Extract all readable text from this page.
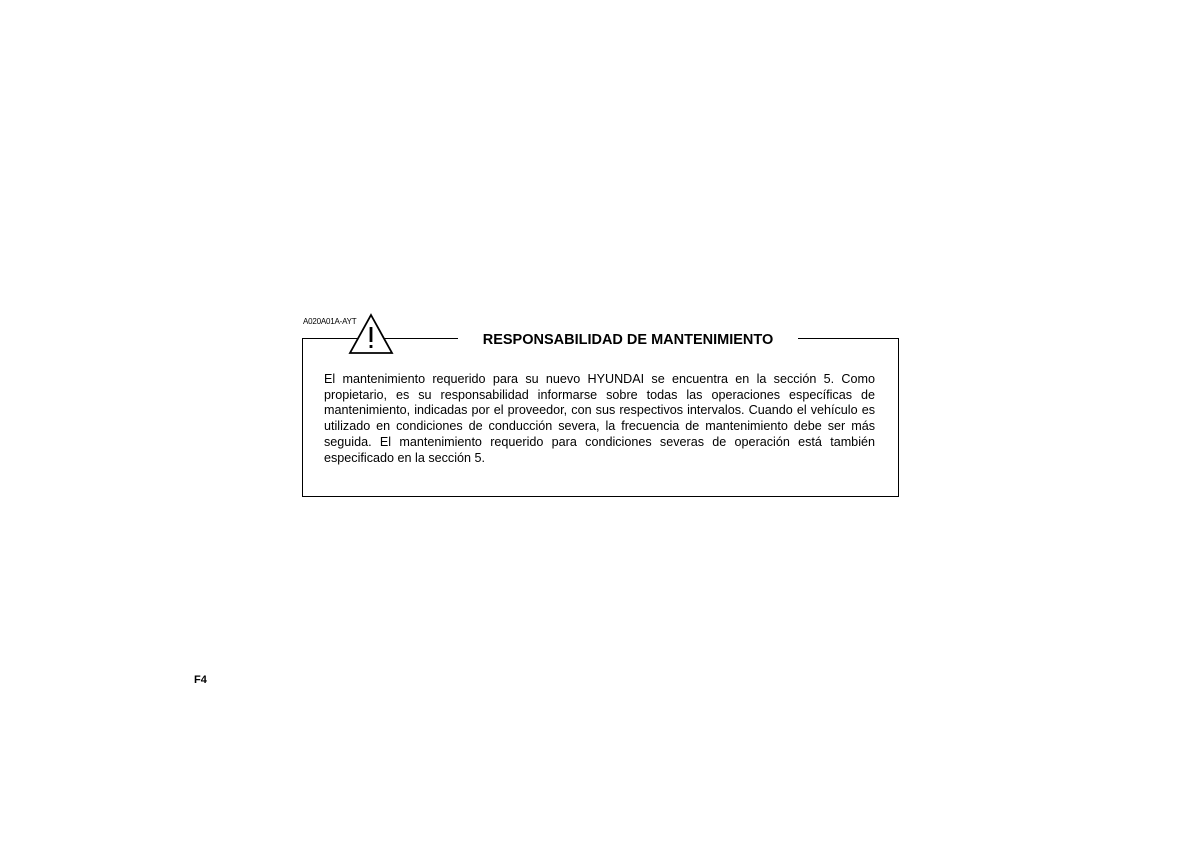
A020A01A-AYT
RESPONSABILIDAD DE MANTENIMIENTO

El mantenimiento requerido para su nuevo HYUNDAI se encuentra en la sección 5. Como propietario, es su responsabilidad informarse sobre todas las operaciones específicas de mantenimiento, indicadas por el proveedor, con sus respectivos intervalos. Cuando el vehículo es utilizado en condiciones de conducción severa, la frecuencia de mantenimiento debe ser más seguida. El mantenimiento requerido para condiciones severas de operación está también especificado en la sección 5.

F4
